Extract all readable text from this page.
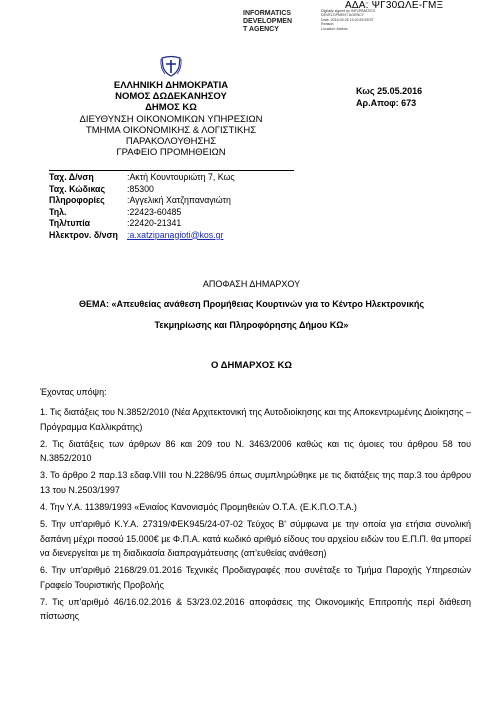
ΑΔΑ: ΨΓ30ΩΛΕ-ΓΜΞ
INFORMATICS
DEVELOPMEN
T AGENCY
Digitally signed by INFORMATICS DEVELOPMENT AGENCY
Date: 2016.05.26 14:20:53 EEST
Reason:
Location: Athens
ΕΛΛΗΝΙΚΗ ΔΗΜΟΚΡΑΤΙΑ
ΝΟΜΟΣ ΔΩΔΕΚΑΝΗΣΟΥ
ΔΗΜΟΣ ΚΩ
ΔΙΕΥΘΥΝΣΗ ΟΙΚΟΝΟΜΙΚΩΝ ΥΠΗΡΕΣΙΩΝ
ΤΜΗΜΑ ΟΙΚΟΝΟΜΙΚΗΣ & ΛΟΓΙΣΤΙΚΗΣ
ΠΑΡΑΚΟΛΟΥΘΗΣΗΣ
ΓΡΑΦΕΙΟ ΠΡΟΜΗΘΕΙΩΝ
Κως 25.05.2016
Αρ.Αποφ: 673
Ταχ. Δ/νση	:Ακτή Κουντουριώτη 7, Κως
Ταχ. Κώδικας	:85300
Πληροφορίες	:Αγγελική Χατζηπαναγιώτη
Τηλ.	:22423-60485
Τηλ/τυπία	:22420-21341
Ηλεκτρον. δ/νση	:a.xatzipanagioti@kos.gr
ΑΠΟΦΑΣΗ ΔΗΜΑΡΧΟΥ
ΘΕΜΑ: «Απευθείας ανάθεση Προμήθειας Κουρτινών για το Κέντρο Ηλεκτρονικής
Τεκμηρίωσης και Πληροφόρησης Δήμου ΚΩ»
Ο ΔΗΜΑΡΧΟΣ ΚΩ

Έχοντας υπόψη:

1. Τις διατάξεις του Ν.3852/2010 (Νέα Αρχιτεκτονική της Αυτοδιοίκησης και της Αποκεντρωμένης Διοίκησης –Πρόγραμμα Καλλικράτης)

2. Τις διατάξεις των άρθρων 86 και 209 του Ν. 3463/2006 καθώς και τις όμοιες του άρθρου 58 του Ν.3852/2010

3. Το άρθρο 2 παρ.13 εδαφ.VIII του Ν.2286/95 όπως συμπληρώθηκε με τις διατάξεις της παρ.3 του άρθρου 13 του Ν.2503/1997

4. Την Υ.Α. 11389/1993 «Ενιαίος Κανονισμός Προμηθειών Ο.Τ.Α. (Ε.Κ.Π.Ο.Τ.Α.)

5. Την υπ'αριθμό Κ.Υ.Α. 27319/ΦΕΚ945/24-07-02 Τεύχος Β' σύμφωνα με την οποία για ετήσια συνολική δαπάνη μέχρι ποσού 15.000€ με Φ.Π.Α. κατά κωδικό αριθμό είδους του αρχείου ειδών του Ε.Π.Π. θα μπορεί να διενεργείται με τη διαδικασία διαπραγμάτευσης (απ'ευθείας ανάθεση)

6. Την υπ'αριθμό 2168/29.01.2016 Τεχνικές Προδιαγραφές που συνέταξε το Τμήμα Παροχής Υπηρεσιών Γραφείο Τουριστικής Προβολής

7. Τις υπ'αριθμό 46/16.02.2016 & 53/23.02.2016 αποφάσεις της Οικονομικής Επιτροπής περί διάθεση πίστωσης
